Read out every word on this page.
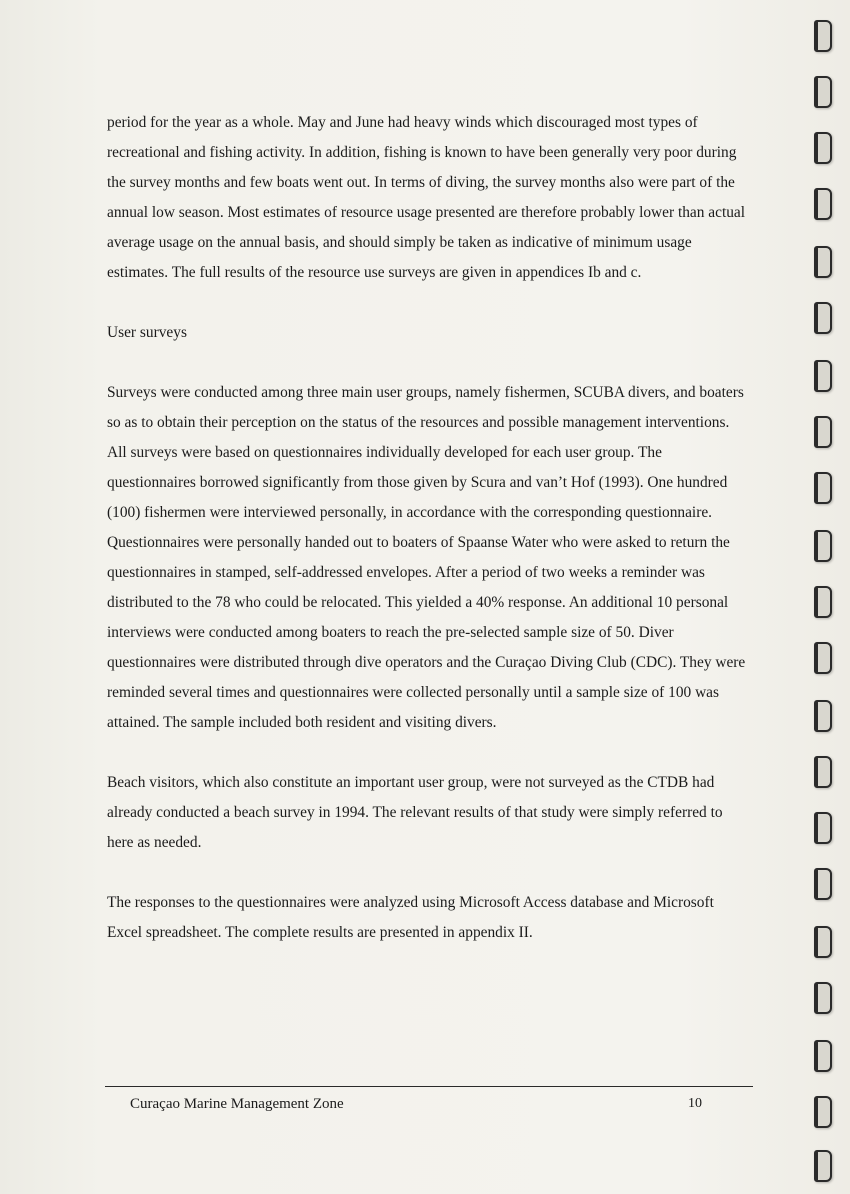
period for the year as a whole. May and June had heavy winds which discouraged most types of recreational and fishing activity. In addition, fishing is known to have been generally very poor during the survey months and few boats went out. In terms of diving, the survey months also were part of the annual low season. Most estimates of resource usage presented are therefore probably lower than actual average usage on the annual basis, and should simply be taken as indicative of minimum usage estimates. The full results of the resource use surveys are given in appendices Ib and c.

User surveys

Surveys were conducted among three main user groups, namely fishermen, SCUBA divers, and boaters so as to obtain their perception on the status of the resources and possible management interventions. All surveys were based on questionnaires individually developed for each user group. The questionnaires borrowed significantly from those given by Scura and van’t Hof (1993). One hundred (100) fishermen were interviewed personally, in accordance with the corresponding questionnaire. Questionnaires were personally handed out to boaters of Spaanse Water who were asked to return the questionnaires in stamped, self-addressed envelopes. After a period of two weeks a reminder was distributed to the 78 who could be relocated. This yielded a 40% response. An additional 10 personal interviews were conducted among boaters to reach the pre-selected sample size of 50. Diver questionnaires were distributed through dive operators and the Curaçao Diving Club (CDC). They were reminded several times and questionnaires were collected personally until a sample size of 100 was attained. The sample included both resident and visiting divers.

Beach visitors, which also constitute an important user group, were not surveyed as the CTDB had already conducted a beach survey in 1994. The relevant results of that study were simply referred to here as needed.

The responses to the questionnaires were analyzed using Microsoft Access database and Microsoft Excel spreadsheet. The complete results are presented in appendix II.

Curaçao Marine Management Zone	10
